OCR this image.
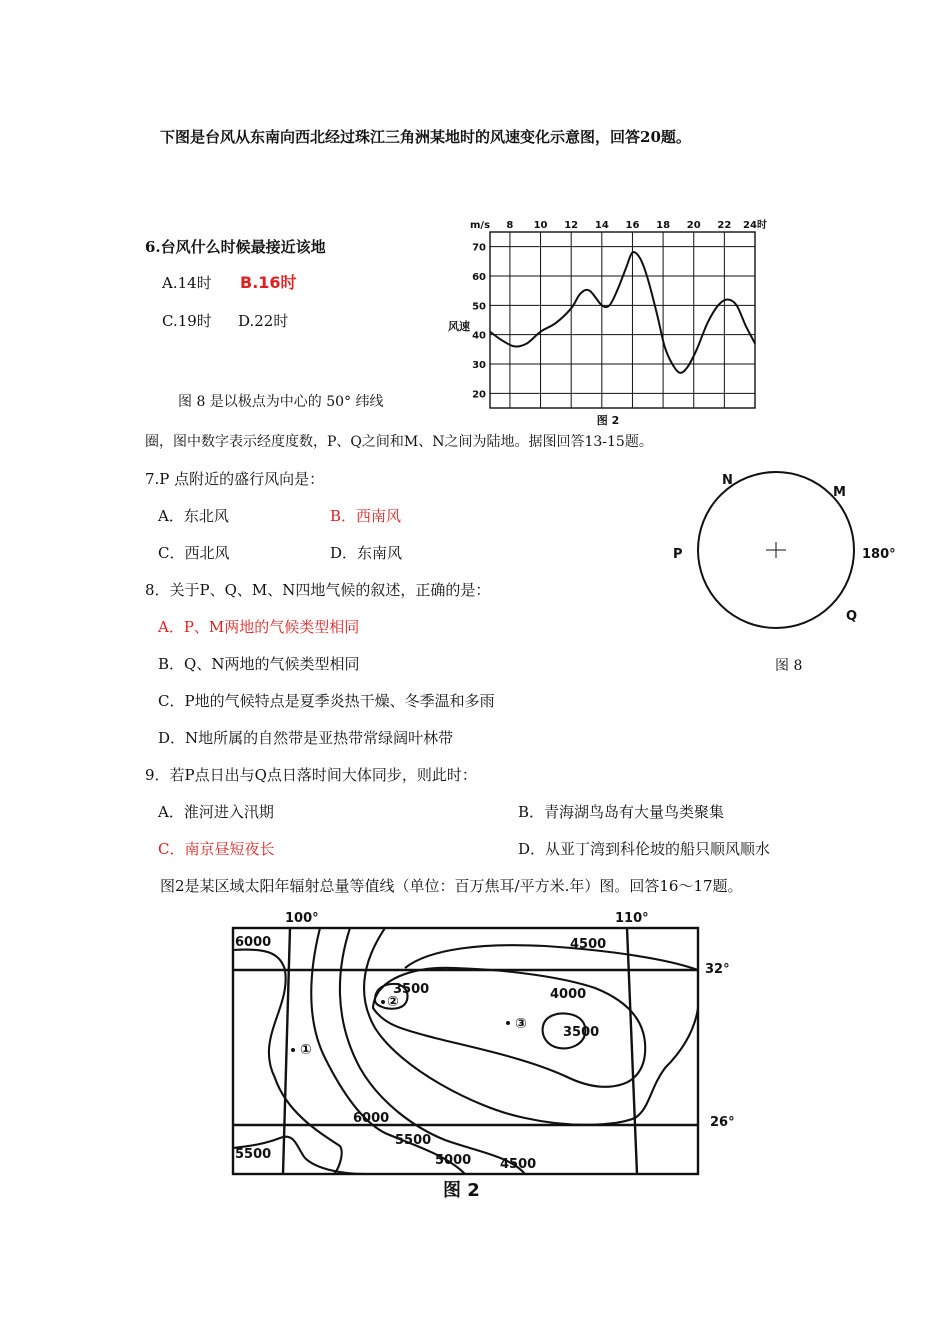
下图是台风从东南向西北经过珠江三角洲某地时的风速变化示意图，回答20题。
6.台风什么时候最接近该地
A.14时 B.16时
C.19时 D.22时
m/s
风速
8 10 12 14 16 18 20 22 24时
20
30
40
50
60
70
图 2
图 8 是以极点为中心的 50° 纬线
圈，图中数字表示经度度数，P、Q之间和M、N之间为陆地。据图回答13-15题。
7.P 点附近的盛行风向是：
A．东北风	B．西南风
C．西北风	D．东南风
N
M
P	180°
Q
图 8
8．关于P、Q、M、N四地气候的叙述，正确的是：
A．P、M两地的气候类型相同
B．Q、N两地的气候类型相同
C．P地的气候特点是夏季炎热干燥、冬季温和多雨
D．N地所属的自然带是亚热带常绿阔叶林带
9．若P点日出与Q点日落时间大体同步，则此时：
A．淮河进入汛期	B．青海湖鸟岛有大量鸟类聚集
C．南京昼短夜长	D．从亚丁湾到科伦坡的船只顺风顺水
图2是某区域太阳年辐射总量等值线（单位：百万焦耳/平方米.年）图。回答16～17题。
100°	110°
32°
26°
6000	4500
3500	4000
3500
6000
5500
5000 4500
5500
①
②
③
图 2
